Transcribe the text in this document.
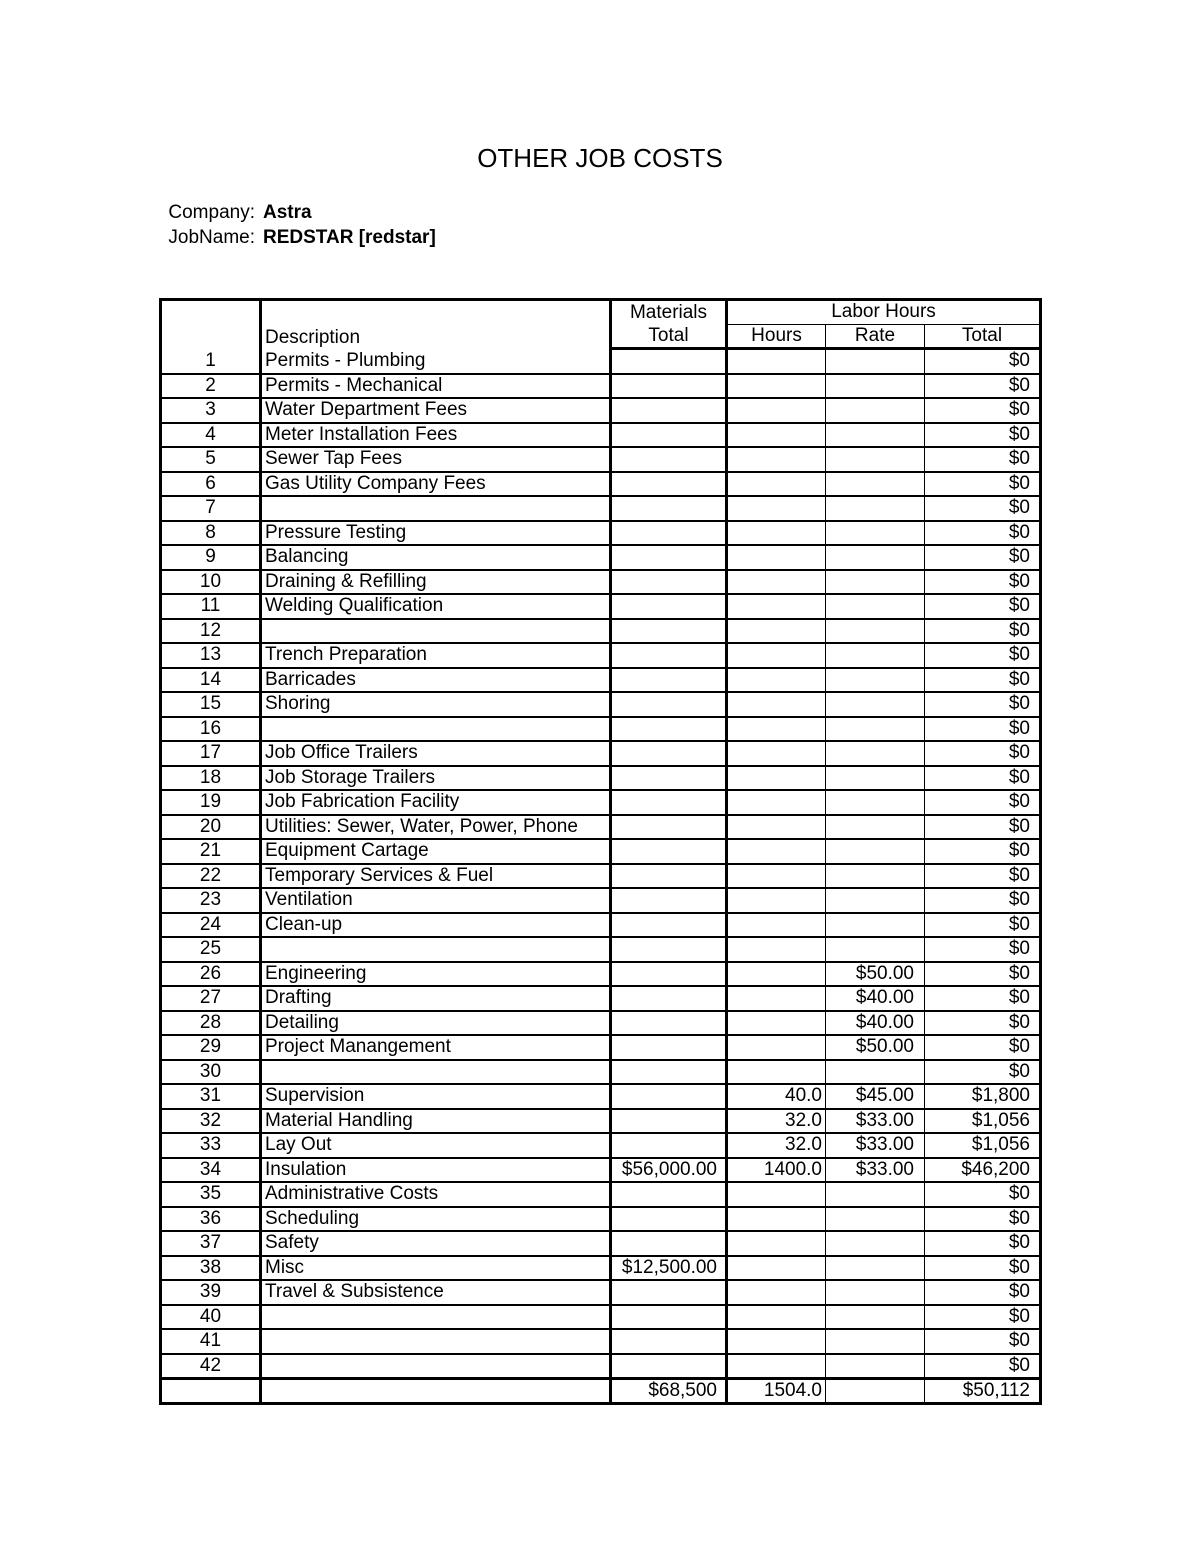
OTHER JOB COSTS
Company: Astra
JobName: REDSTAR [redstar]
	Description	Materials	Labor Hours		
		Total	Hours	Rate	Total
1	Permits - Plumbing				$0
2	Permits - Mechanical				$0
3	Water Department Fees				$0
4	Meter Installation Fees				$0
5	Sewer Tap Fees				$0
6	Gas Utility Company Fees				$0
7					$0
8	Pressure Testing				$0
9	Balancing				$0
10	Draining & Refilling				$0
11	Welding Qualification				$0
12					$0
13	Trench Preparation				$0
14	Barricades				$0
15	Shoring				$0
16					$0
17	Job Office Trailers				$0
18	Job Storage Trailers				$0
19	Job Fabrication Facility				$0
20	Utilities: Sewer, Water, Power, Phone				$0
21	Equipment Cartage				$0
22	Temporary Services & Fuel				$0
23	Ventilation				$0
24	Clean-up				$0
25					$0
26	Engineering			$50.00	$0
27	Drafting			$40.00	$0
28	Detailing			$40.00	$0
29	Project Manangement			$50.00	$0
30					$0
31	Supervision		40.0	$45.00	$1,800
32	Material Handling		32.0	$33.00	$1,056
33	Lay Out		32.0	$33.00	$1,056
34	Insulation	$56,000.00	1400.0	$33.00	$46,200
35	Administrative Costs				$0
36	Scheduling				$0
37	Safety				$0
38	Misc	$12,500.00			$0
39	Travel & Subsistence				$0
40					$0
41					$0
42					$0
		$68,500	1504.0		$50,112
